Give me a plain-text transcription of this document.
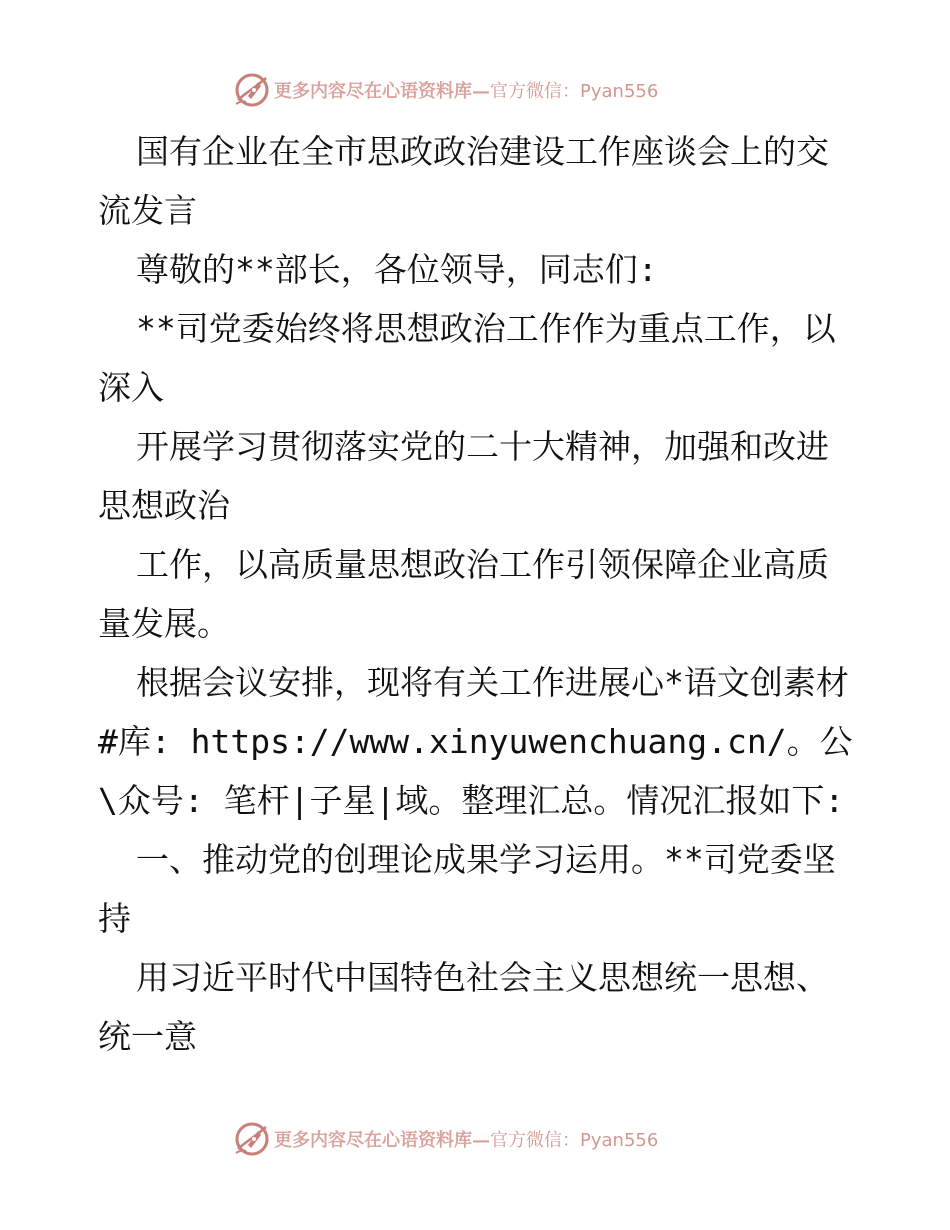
更多内容尽在心语资料库—官方微信：Pyan556

国有企业在全市思政政治建设工作座谈会上的交流发言

尊敬的**部长，各位领导，同志们:

**司党委始终将思想政治工作作为重点工作，以深入

开展学习贯彻落实党的二十大精神，加强和改进思想政治

工作，以高质量思想政治工作引领保障企业高质量发展。

根据会议安排，现将有关工作进展心*语文创素材#库: https://www.xinyuwenchuang.cn/。公\众号: 笔杆|子星|域。整理汇总。情况汇报如下:

一、推动党的创理论成果学习运用。**司党委坚持

用习近平时代中国特色社会主义思想统一思想、统一意

更多内容尽在心语资料库—官方微信：Pyan556
